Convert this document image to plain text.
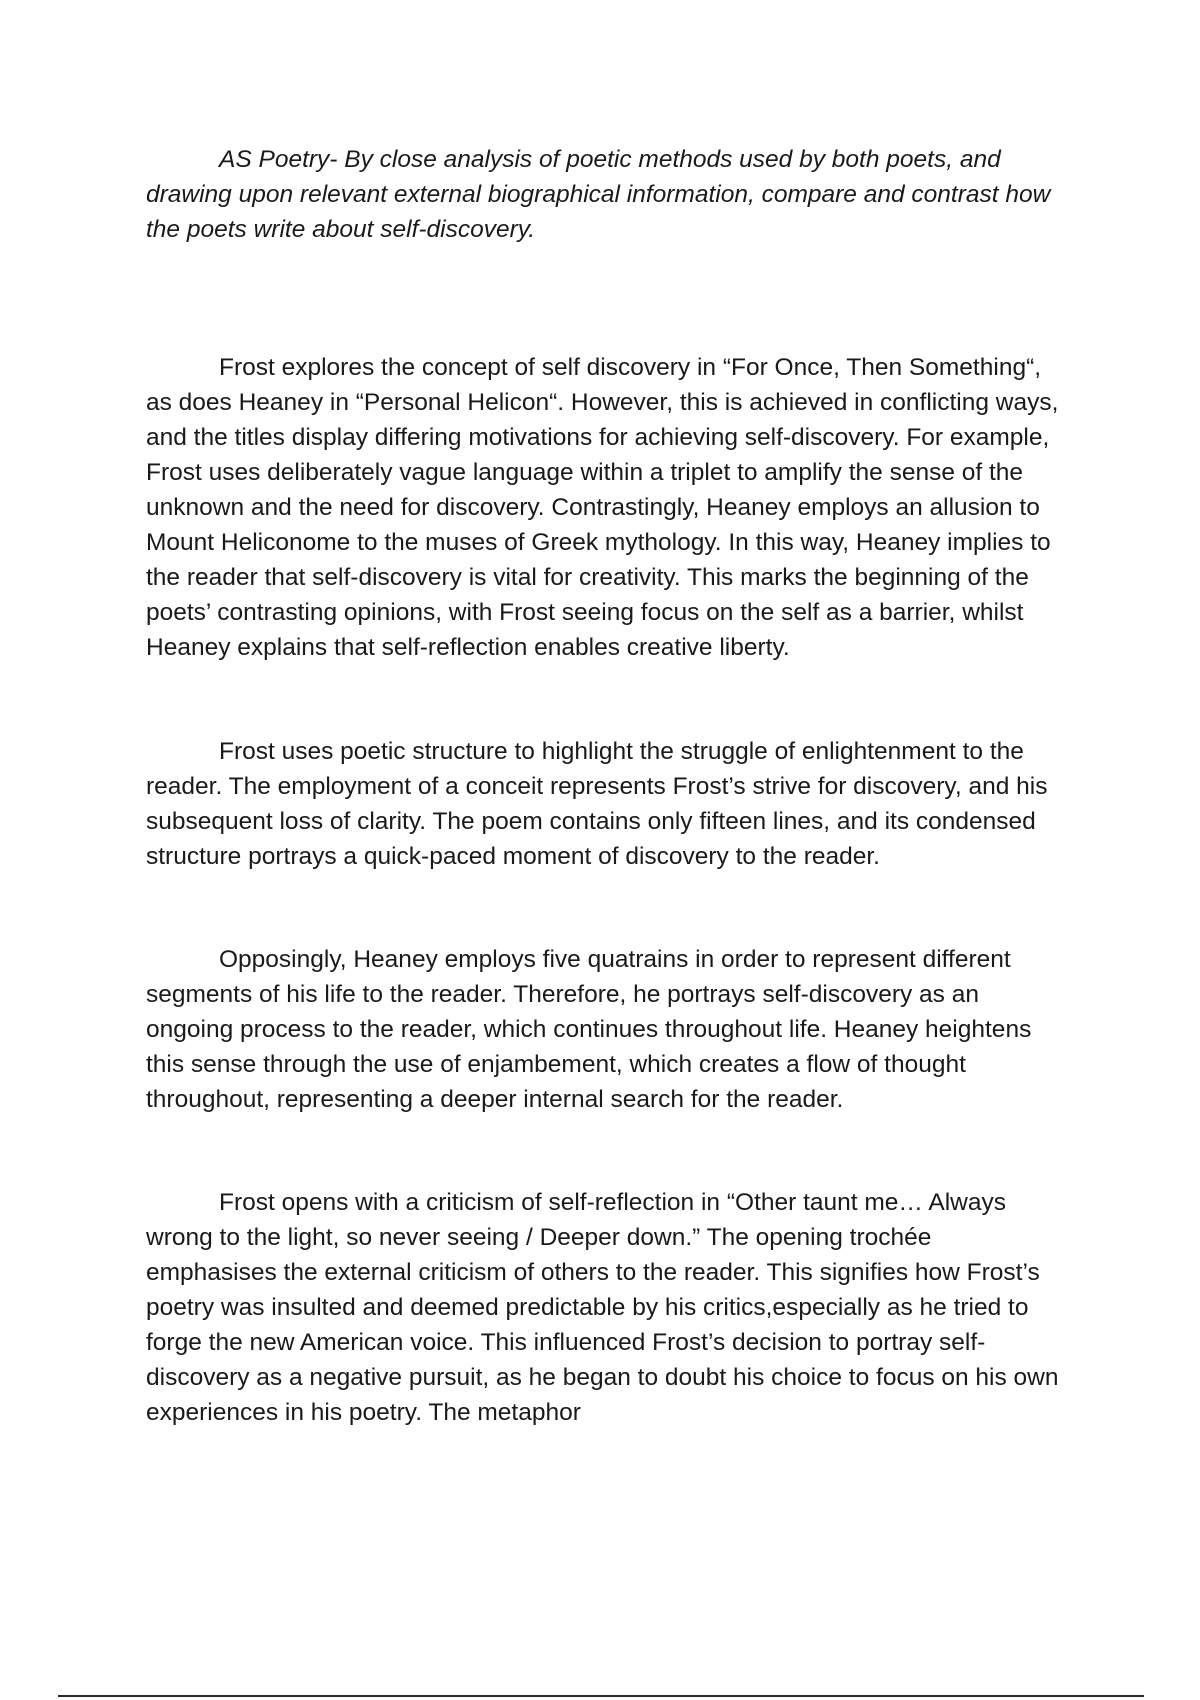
AS Poetry- By close analysis of poetic methods used by both poets, and drawing upon relevant external biographical information, compare and contrast how the poets write about self-discovery.

Frost explores the concept of self discovery in “For Once, Then Something“, as does Heaney in “Personal Helicon“. However, this is achieved in conflicting ways, and the titles display differing motivations for achieving self-discovery. For example, Frost uses deliberately vague language within a triplet to amplify the sense of the unknown and the need for discovery. Contrastingly, Heaney employs an allusion to Mount Heliconome to the muses of Greek mythology. In this way, Heaney implies to the reader that self-discovery is vital for creativity. This marks the beginning of the poets’ contrasting opinions, with Frost seeing focus on the self as a barrier, whilst Heaney explains that self-reflection enables creative liberty.

Frost uses poetic structure to highlight the struggle of enlightenment to the reader. The employment of a conceit represents Frost’s strive for discovery, and his subsequent loss of clarity. The poem contains only fifteen lines, and its condensed structure portrays a quick-paced moment of discovery to the reader.

Opposingly, Heaney employs five quatrains in order to represent different segments of his life to the reader. Therefore, he portrays self-discovery as an ongoing process to the reader, which continues throughout life. Heaney heightens this sense through the use of enjambement, which creates a flow of thought throughout, representing a deeper internal search for the reader.

Frost opens with a criticism of self-reflection in “Other taunt me… Always wrong to the light, so never seeing / Deeper down.” The opening trochée emphasises the external criticism of others to the reader. This signifies how Frost’s poetry was insulted and deemed predictable by his critics,especially as he tried to forge the new American voice. This influenced Frost’s decision to portray self-discovery as a negative pursuit, as he began to doubt his choice to focus on his own experiences in his poetry. The metaphor
